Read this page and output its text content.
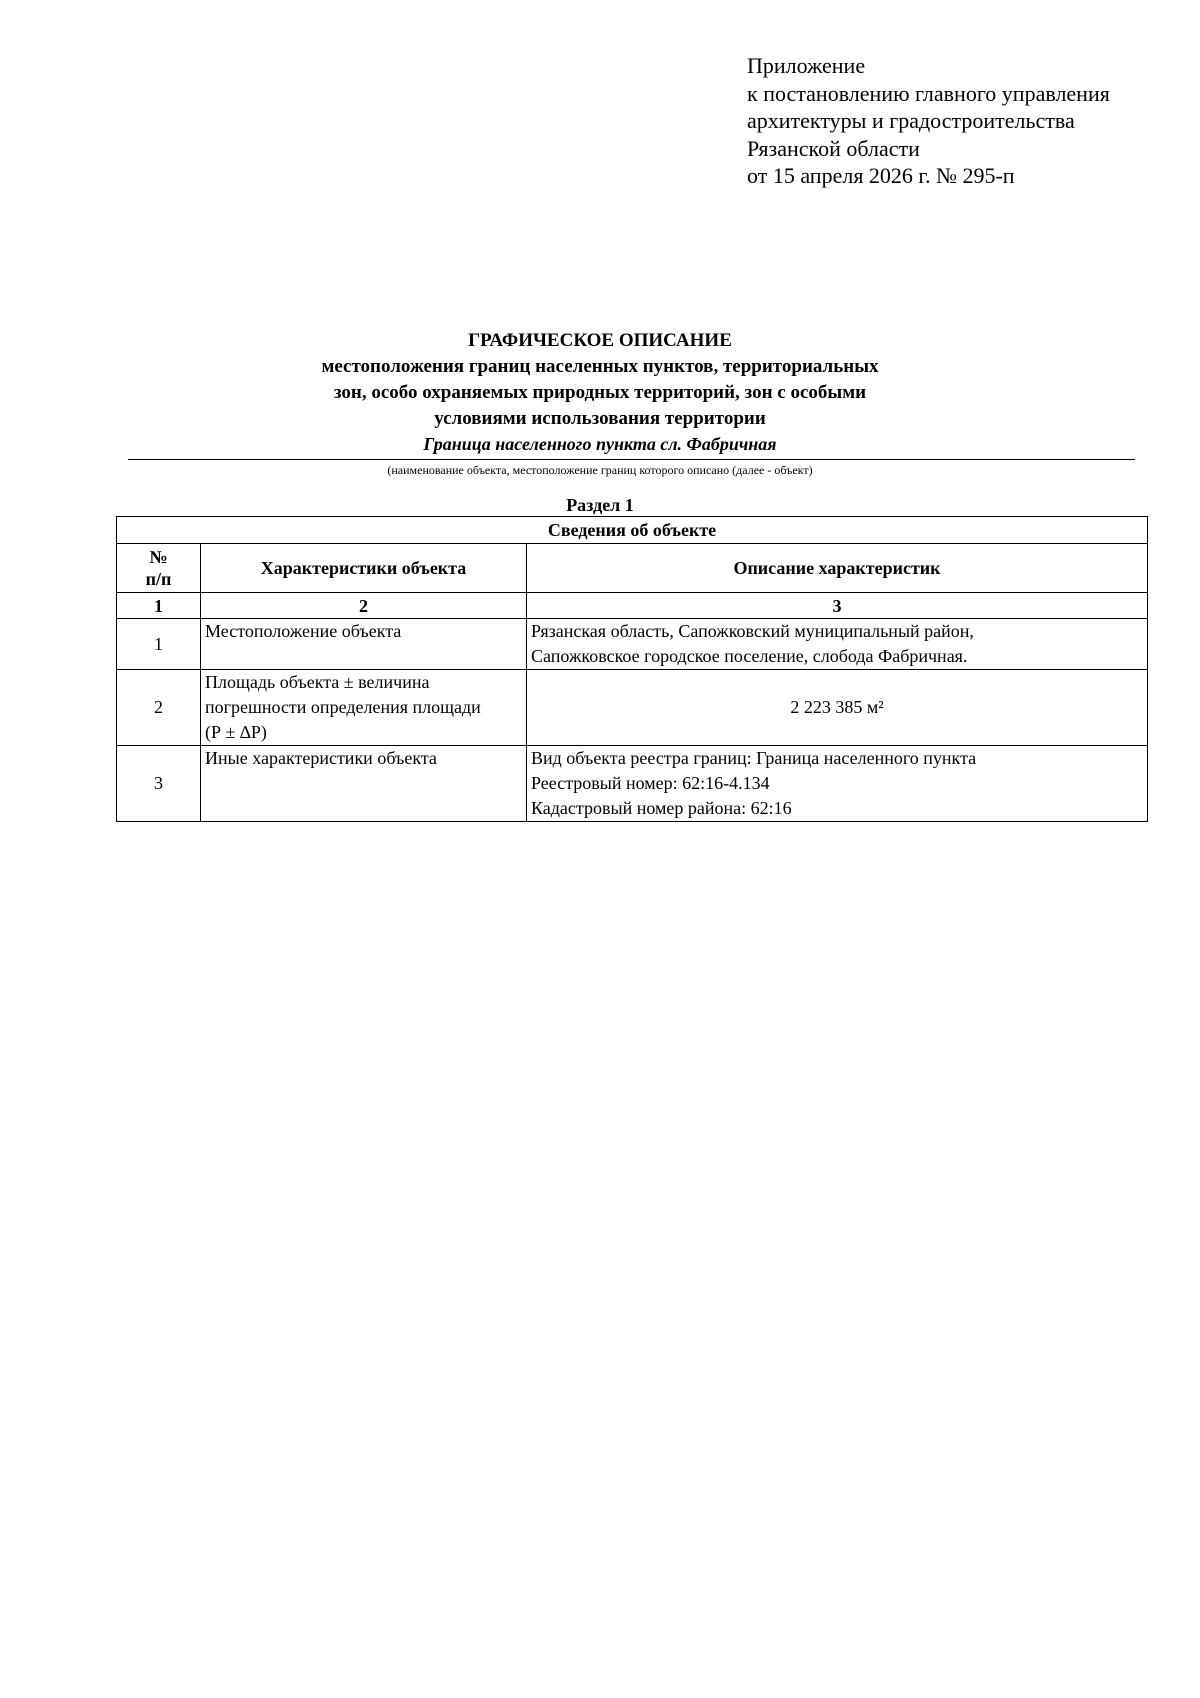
Приложение
к постановлению главного управления
архитектуры и градостроительства
Рязанской области
от 15 апреля 2026 г. № 295-п
ГРАФИЧЕСКОЕ ОПИСАНИЕ
местоположения границ населенных пунктов, территориальных
зон, особо охраняемых природных территорий, зон с особыми
условиями использования территории
Граница населенного пункта сл. Фабричная
(наименование объекта, местоположение границ которого описано (далее - объект)
Раздел 1
Сведения об объекте		

№
п/п	Характеристики объекта	Описание характеристик
1	2	3
1	Местоположение объекта	Рязанская область, Сапожковский муниципальный район,
Сапожковское городское поселение, слобода Фабричная.

2	Площадь объекта ± величина
погрешности определения площади
(Р ± ∆Р)	2 223 385 м²

3	Иные характеристики объекта	Вид объекта реестра границ: Граница населенного пункта
Реестровый номер: 62:16-4.134
Кадастровый номер района: 62:16
